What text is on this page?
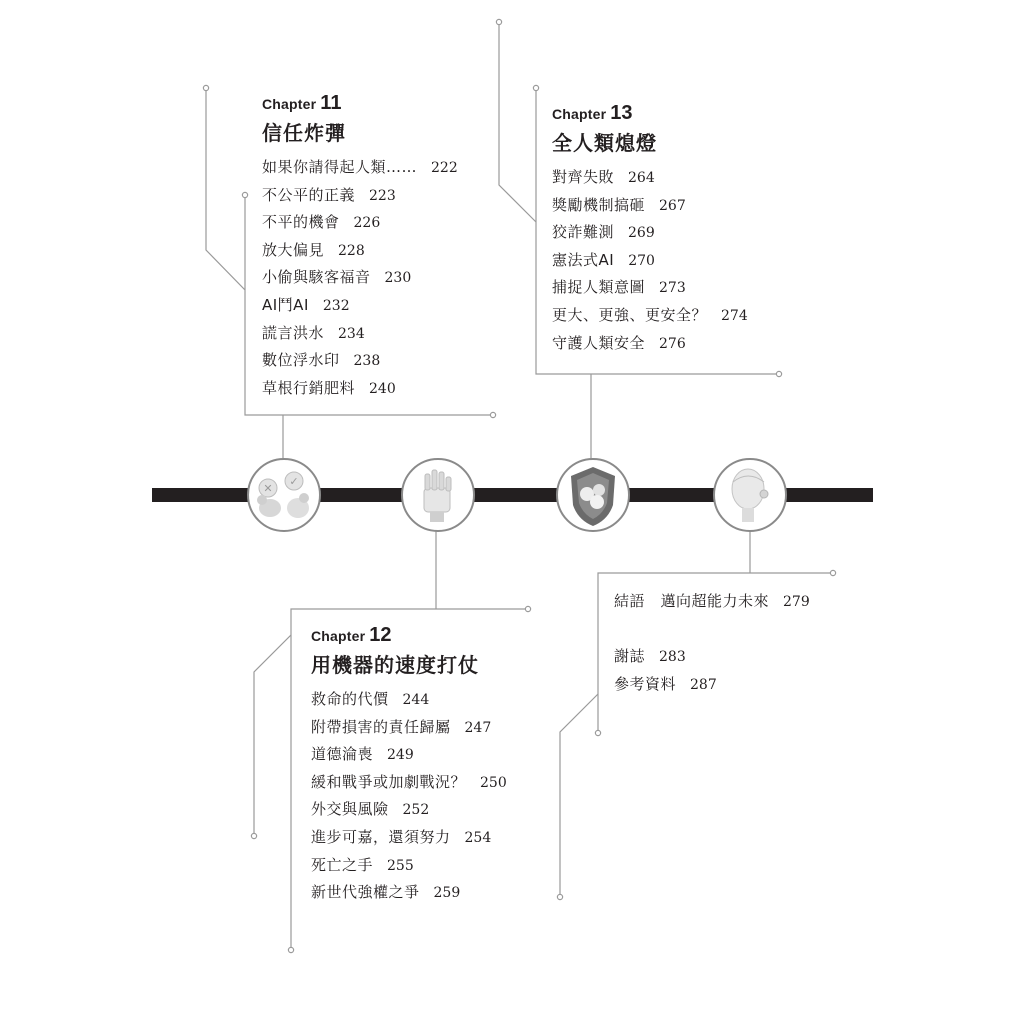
✕
✓
Chapter 11
信任炸彈
如果你請得起人類…… 222
不公平的正義 223
不平的機會 226
放大偏見 228
小偷與駭客福音 230
AI鬥AI 232
謊言洪水 234
數位浮水印 238
草根行銷肥料 240
Chapter 13
全人類熄燈
對齊失敗 264
獎勵機制搞砸 267
狡詐難測 269
憲法式AI 270
捕捉人類意圖 273
更大、更強、更安全？ 274
守護人類安全 276
Chapter 12
用機器的速度打仗
救命的代價 244
附帶損害的責任歸屬 247
道德淪喪 249
緩和戰爭或加劇戰況？ 250
外交與風險 252
進步可嘉，還須努力 254
死亡之手 255
新世代強權之爭 259
結語　邁向超能力未來 279
謝誌 283
參考資料 287
